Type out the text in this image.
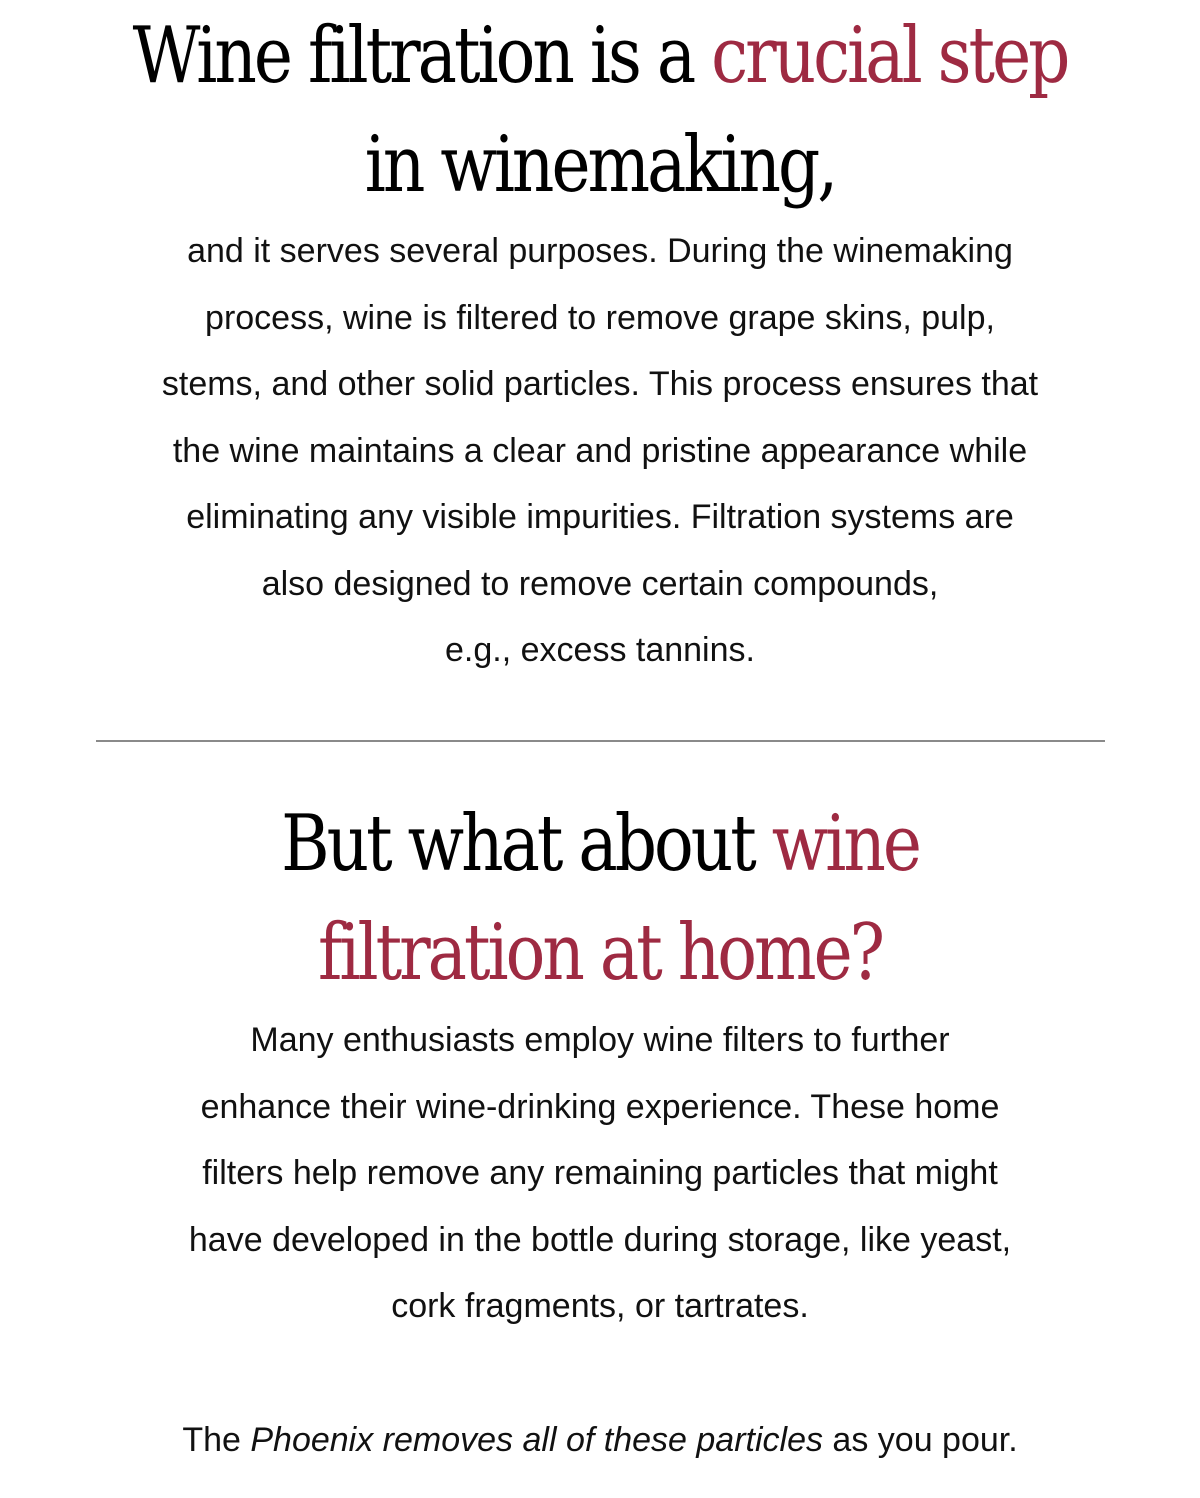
Wine filtration is a crucial step
in winemaking,

and it serves several purposes. During the winemaking
process, wine is filtered to remove grape skins, pulp,
stems, and other solid particles. This process ensures that
the wine maintains a clear and pristine appearance while
eliminating any visible impurities. Filtration systems are
also designed to remove certain compounds,
e.g., excess tannins.

But what about wine
filtration at home?

Many enthusiasts employ wine filters to further
enhance their wine-drinking experience. These home
filters help remove any remaining particles that might
have developed in the bottle during storage, like yeast,
cork fragments, or tartrates.

The Phoenix removes all of these particles as you pour.
